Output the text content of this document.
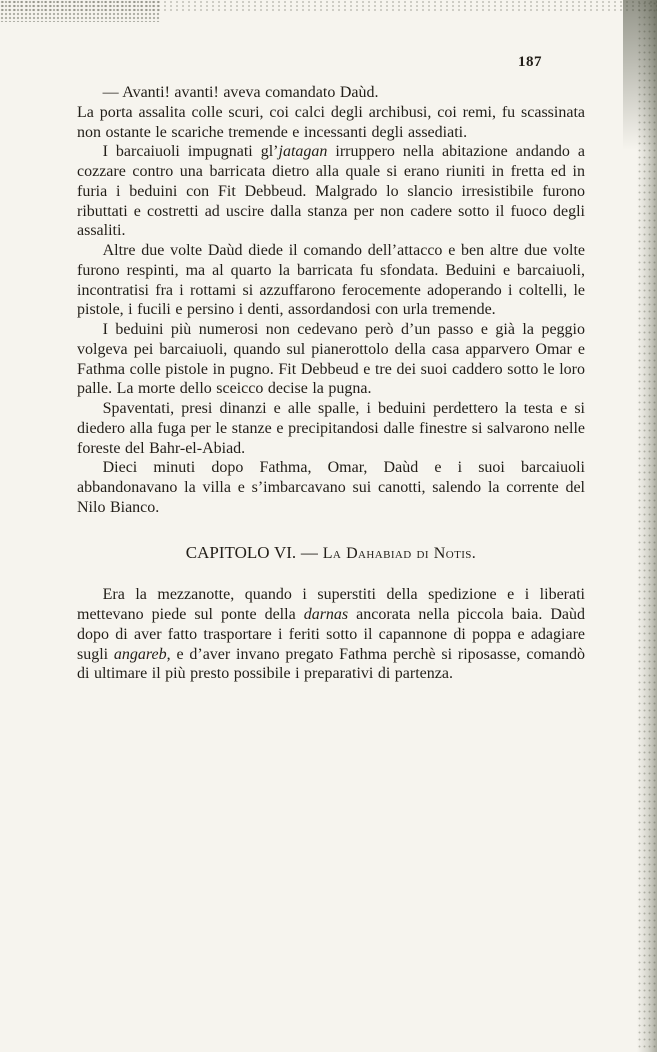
187

— Avanti! avanti! aveva comandato Daùd.

La porta assalita colle scuri, coi calci degli archibusi, coi remi, fu scassinata non ostante le scariche tremende e incessanti degli assediati.

I barcaiuoli impugnati gl’jatagan irruppero nella abitazione andando a cozzare contro una barricata dietro alla quale si erano riuniti in fretta ed in furia i beduini con Fit Debbeud. Malgrado lo slancio irresistibile furono ributtati e costretti ad uscire dalla stanza per non cadere sotto il fuoco degli assaliti.

Altre due volte Daùd diede il comando dell’attacco e ben altre due volte furono respinti, ma al quarto la barricata fu sfondata. Beduini e barcaiuoli, incontratisi fra i rottami si azzuffarono ferocemente adoperando i coltelli, le pistole, i fucili e persino i denti, assordandosi con urla tremende.

I beduini più numerosi non cedevano però d’un passo e già la peggio volgeva pei barcaiuoli, quando sul pianerottolo della casa apparvero Omar e Fathma colle pistole in pugno. Fit Debbeud e tre dei suoi caddero sotto le loro palle. La morte dello sceicco decise la pugna.

Spaventati, presi dinanzi e alle spalle, i beduini perdettero la testa e si diedero alla fuga per le stanze e precipitandosi dalle finestre si salvarono nelle foreste del Bahr-el-Abiad.

Dieci minuti dopo Fathma, Omar, Daùd e i suoi barcaiuoli abbandonavano la villa e s’imbarcavano sui canotti, salendo la corrente del Nilo Bianco.

CAPITOLO VI. — La Dahabiad di Notis.

Era la mezzanotte, quando i superstiti della spedizione e i liberati mettevano piede sul ponte della darnas ancorata nella piccola baia. Daùd dopo di aver fatto trasportare i feriti sotto il capannone di poppa e adagiare sugli angareb, e d’aver invano pregato Fathma perchè si riposasse, comandò di ultimare il più presto possibile i preparativi di partenza.
